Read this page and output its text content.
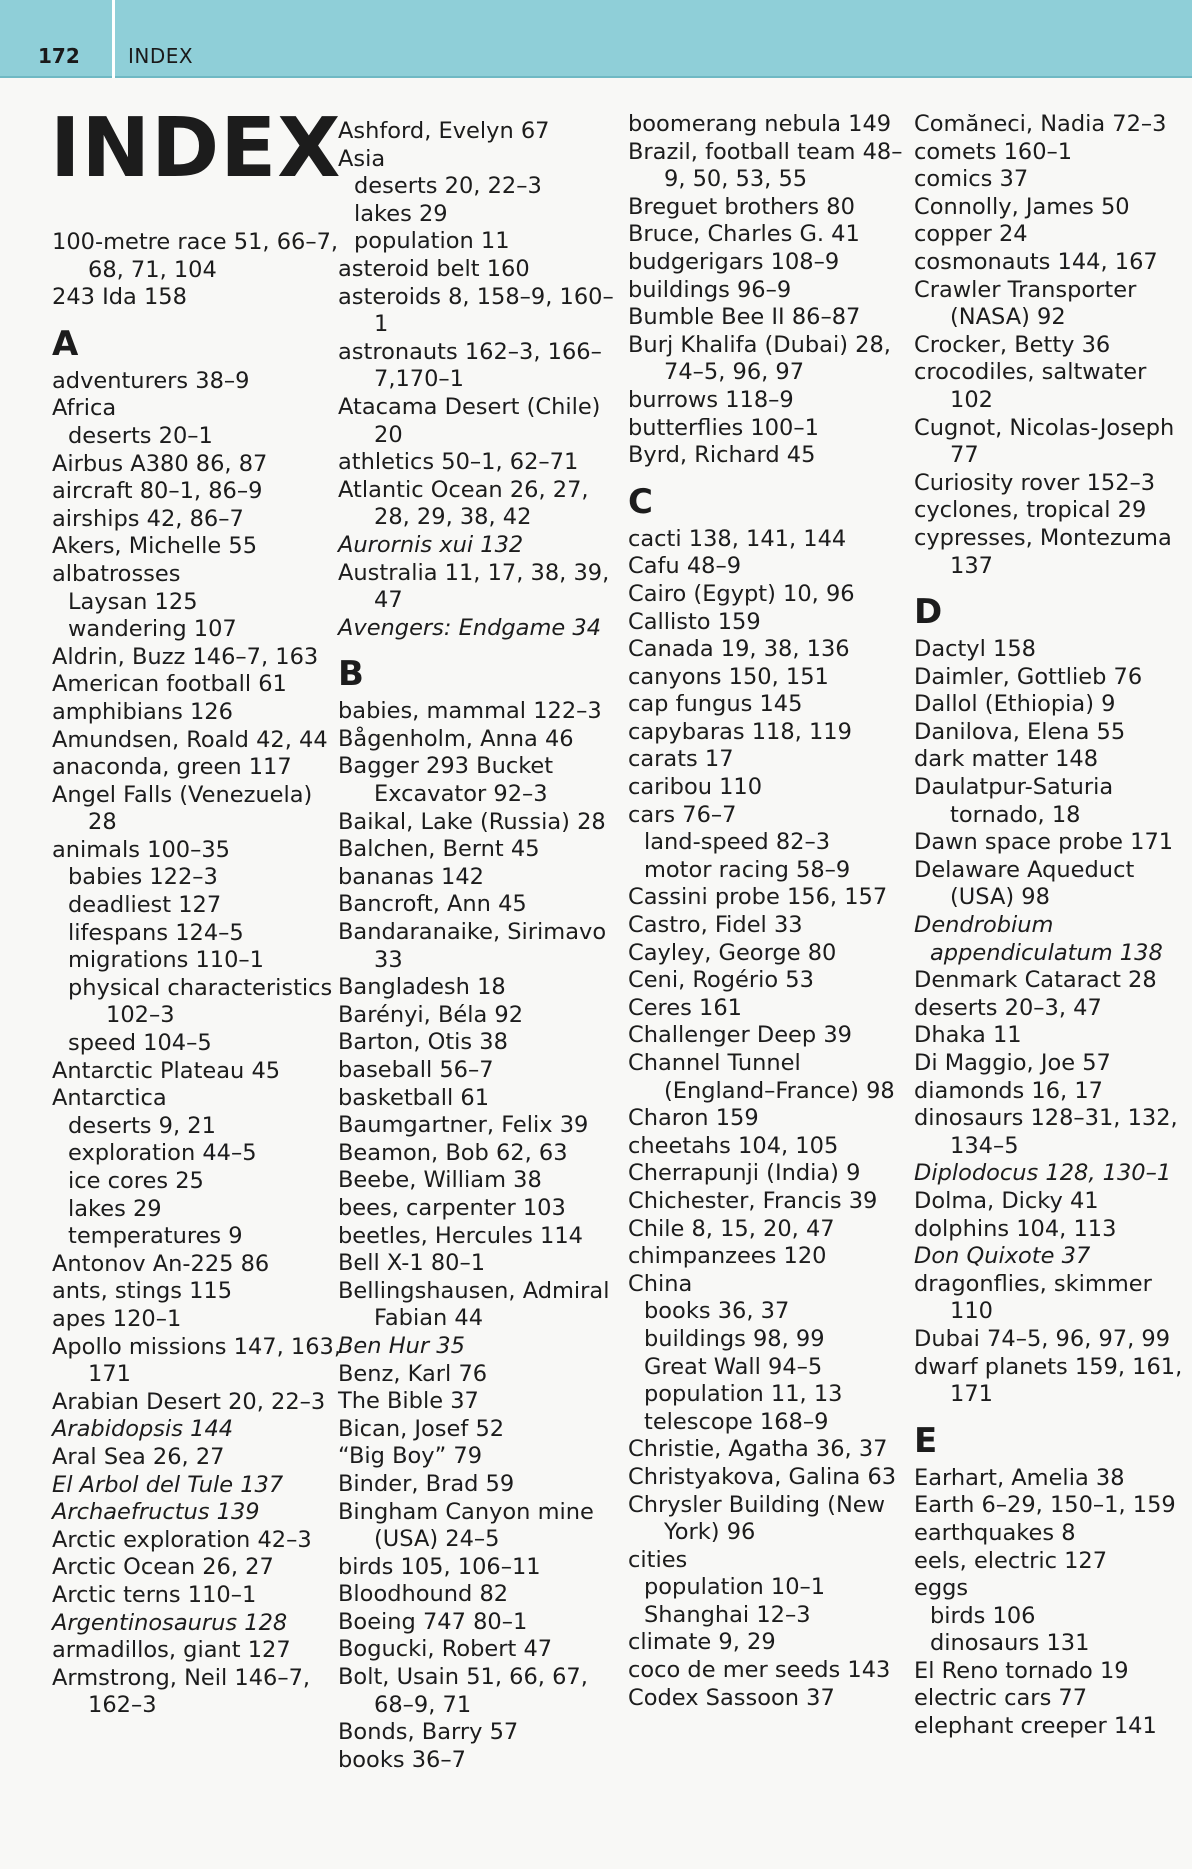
172 INDEX
INDEX
100-metre race 51, 66–7, 68, 71, 104
243 Ida 158
A
adventurers 38–9
Africa
deserts 20–1
Airbus A380 86, 87
aircraft 80–1, 86–9
airships 42, 86–7
Akers, Michelle 55
albatrosses
Laysan 125
wandering 107
Aldrin, Buzz 146–7, 163
American football 61
amphibians 126
Amundsen, Roald 42, 44
anaconda, green 117
Angel Falls (Venezuela) 28
animals 100–35
babies 122–3
deadliest 127
lifespans 124–5
migrations 110–1
physical characteristics 102–3
speed 104–5
Antarctic Plateau 45
Antarctica
deserts 9, 21
exploration 44–5
ice cores 25
lakes 29
temperatures 9
Antonov An-225 86
ants, stings 115
apes 120–1
Apollo missions 147, 163, 171
Arabian Desert 20, 22–3
Arabidopsis 144
Aral Sea 26, 27
El Arbol del Tule 137
Archaefructus 139
Arctic exploration 42–3
Arctic Ocean 26, 27
Arctic terns 110–1
Argentinosaurus 128
armadillos, giant 127
Armstrong, Neil 146–7, 162–3
Ashford, Evelyn 67
Asia
deserts 20, 22–3
lakes 29
population 11
asteroid belt 160
asteroids 8, 158–9, 160–1
astronauts 162–3, 166–7,170–1
Atacama Desert (Chile) 20
athletics 50–1, 62–71
Atlantic Ocean 26, 27, 28, 29, 38, 42
Aurornis xui 132
Australia 11, 17, 38, 39, 47
Avengers: Endgame 34
B
babies, mammal 122–3
Bågenholm, Anna 46
Bagger 293 Bucket Excavator 92–3
Baikal, Lake (Russia) 28
Balchen, Bernt 45
bananas 142
Bancroft, Ann 45
Bandaranaike, Sirimavo 33
Bangladesh 18
Barényi, Béla 92
Barton, Otis 38
baseball 56–7
basketball 61
Baumgartner, Felix 39
Beamon, Bob 62, 63
Beebe, William 38
bees, carpenter 103
beetles, Hercules 114
Bell X-1 80–1
Bellingshausen, Admiral Fabian 44
Ben Hur 35
Benz, Karl 76
The Bible 37
Bican, Josef 52
“Big Boy” 79
Binder, Brad 59
Bingham Canyon mine (USA) 24–5
birds 105, 106–11
Bloodhound 82
Boeing 747 80–1
Bogucki, Robert 47
Bolt, Usain 51, 66, 67, 68–9, 71
Bonds, Barry 57
books 36–7
boomerang nebula 149
Brazil, football team 48–9, 50, 53, 55
Breguet brothers 80
Bruce, Charles G. 41
budgerigars 108–9
buildings 96–9
Bumble Bee II 86–87
Burj Khalifa (Dubai) 28, 74–5, 96, 97
burrows 118–9
butterflies 100–1
Byrd, Richard 45
C
cacti 138, 141, 144
Cafu 48–9
Cairo (Egypt) 10, 96
Callisto 159
Canada 19, 38, 136
canyons 150, 151
cap fungus 145
capybaras 118, 119
carats 17
caribou 110
cars 76–7
land-speed 82–3
motor racing 58–9
Cassini probe 156, 157
Castro, Fidel 33
Cayley, George 80
Ceni, Rogério 53
Ceres 161
Challenger Deep 39
Channel Tunnel (England–France) 98
Charon 159
cheetahs 104, 105
Cherrapunji (India) 9
Chichester, Francis 39
Chile 8, 15, 20, 47
chimpanzees 120
China
books 36, 37
buildings 98, 99
Great Wall 94–5
population 11, 13
telescope 168–9
Christie, Agatha 36, 37
Christyakova, Galina 63
Chrysler Building (New York) 96
cities
population 10–1
Shanghai 12–3
climate 9, 29
coco de mer seeds 143
Codex Sassoon 37
Comăneci, Nadia 72–3
comets 160–1
comics 37
Connolly, James 50
copper 24
cosmonauts 144, 167
Crawler Transporter (NASA) 92
Crocker, Betty 36
crocodiles, saltwater 102
Cugnot, Nicolas-Joseph 77
Curiosity rover 152–3
cyclones, tropical 29
cypresses, Montezuma 137
D
Dactyl 158
Daimler, Gottlieb 76
Dallol (Ethiopia) 9
Danilova, Elena 55
dark matter 148
Daulatpur-Saturia tornado, 18
Dawn space probe 171
Delaware Aqueduct (USA) 98
Dendrobium
appendiculatum 138
Denmark Cataract 28
deserts 20–3, 47
Dhaka 11
Di Maggio, Joe 57
diamonds 16, 17
dinosaurs 128–31, 132, 134–5
Diplodocus 128, 130–1
Dolma, Dicky 41
dolphins 104, 113
Don Quixote 37
dragonflies, skimmer 110
Dubai 74–5, 96, 97, 99
dwarf planets 159, 161, 171
E
Earhart, Amelia 38
Earth 6–29, 150–1, 159
earthquakes 8
eels, electric 127
eggs
birds 106
dinosaurs 131
El Reno tornado 19
electric cars 77
elephant creeper 141
